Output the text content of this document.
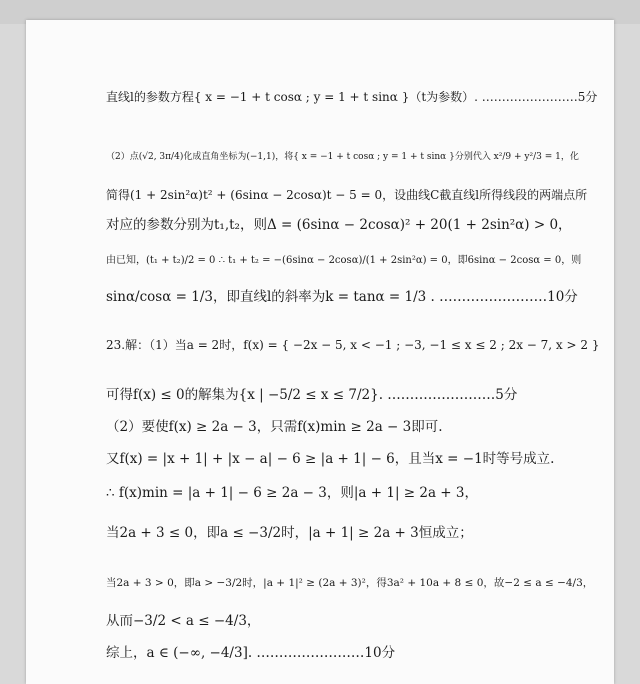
直线l的参数方程{ x = −1 + t cosα ; y = 1 + t sinα }（t为参数）. ……………………5分
（2）点(√2, 3π/4)化成直角坐标为(−1,1)，将{ x = −1 + t cosα ; y = 1 + t sinα }分别代入 x²/9 + y²/3 = 1，化
简得(1 + 2sin²α)t² + (6sinα − 2cosα)t − 5 = 0，设曲线C截直线l所得线段的两端点所
对应的参数分别为t₁,t₂，则Δ = (6sinα − 2cosα)² + 20(1 + 2sin²α) > 0，
由已知，(t₁ + t₂)/2 = 0 ∴ t₁ + t₂ = −(6sinα − 2cosα)/(1 + 2sin²α) = 0，即6sinα − 2cosα = 0，则
sinα/cosα = 1/3，即直线l的斜率为k = tanα = 1/3 . ……………………10分
23.解：（1）当a = 2时，f(x) = { −2x − 5, x < −1 ; −3, −1 ≤ x ≤ 2 ; 2x − 7, x > 2 }
可得f(x) ≤ 0的解集为{x | −5/2 ≤ x ≤ 7/2}. ……………………5分
（2）要使f(x) ≥ 2a − 3，只需f(x)min ≥ 2a − 3即可.
又f(x) = |x + 1| + |x − a| − 6 ≥ |a + 1| − 6，且当x = −1时等号成立.
∴ f(x)min = |a + 1| − 6 ≥ 2a − 3，则|a + 1| ≥ 2a + 3，
当2a + 3 ≤ 0，即a ≤ −3/2时，|a + 1| ≥ 2a + 3恒成立；
当2a + 3 > 0，即a > −3/2时，|a + 1|² ≥ (2a + 3)²，得3a² + 10a + 8 ≤ 0，故−2 ≤ a ≤ −4/3，
从而−3/2 < a ≤ −4/3，
综上，a ∈ (−∞, −4/3]. ……………………10分
